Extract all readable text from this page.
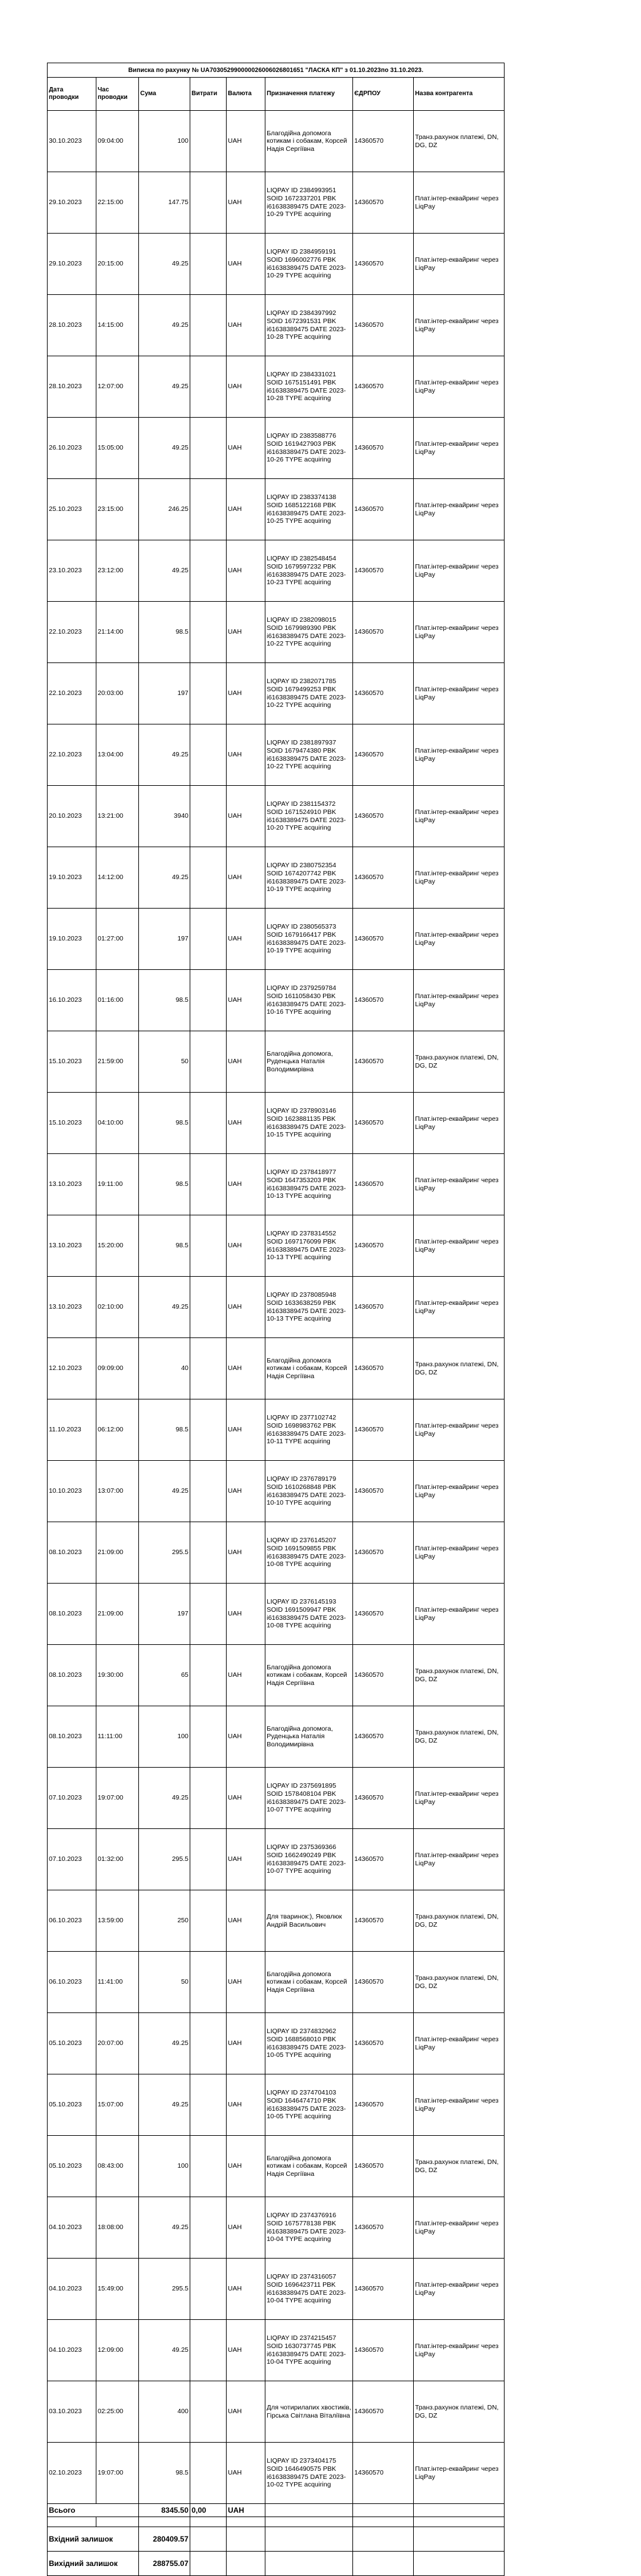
Виписка по рахунку № UA703052990000026006026801651 "ЛАСКА КП" з 01.10.2023по 31.10.2023.							
Дата проводки	Час проводки	Сума	Витрати	Валюта	Призначення платежу	ЄДРПОУ	Назва контрагента
30.10.2023	09:04:00	100		UAH	Благодійна допомога котикам і собакам, Корсей Надія Сергіївна	14360570	Транз.рахунок платежі, DN, DG, DZ
29.10.2023	22:15:00	147.75		UAH	LIQPAY ID 2384993951 SOID 1672337201 PBK i61638389475 DATE 2023-10-29 TYPE acquiring	14360570	Плат.інтер-еквайринг через LiqPay
29.10.2023	20:15:00	49.25		UAH	LIQPAY ID 2384959191 SOID 1696002776 PBK i61638389475 DATE 2023-10-29 TYPE acquiring	14360570	Плат.інтер-еквайринг через LiqPay
28.10.2023	14:15:00	49.25		UAH	LIQPAY ID 2384397992 SOID 1672391531 PBK i61638389475 DATE 2023-10-28 TYPE acquiring	14360570	Плат.інтер-еквайринг через LiqPay
28.10.2023	12:07:00	49.25		UAH	LIQPAY ID 2384331021 SOID 1675151491 PBK i61638389475 DATE 2023-10-28 TYPE acquiring	14360570	Плат.інтер-еквайринг через LiqPay
26.10.2023	15:05:00	49.25		UAH	LIQPAY ID 2383588776 SOID 1619427903 PBK i61638389475 DATE 2023-10-26 TYPE acquiring	14360570	Плат.інтер-еквайринг через LiqPay
25.10.2023	23:15:00	246.25		UAH	LIQPAY ID 2383374138 SOID 1685122168 PBK i61638389475 DATE 2023-10-25 TYPE acquiring	14360570	Плат.інтер-еквайринг через LiqPay
23.10.2023	23:12:00	49.25		UAH	LIQPAY ID 2382548454 SOID 1679597232 PBK i61638389475 DATE 2023-10-23 TYPE acquiring	14360570	Плат.інтер-еквайринг через LiqPay
22.10.2023	21:14:00	98.5		UAH	LIQPAY ID 2382098015 SOID 1679989390 PBK i61638389475 DATE 2023-10-22 TYPE acquiring	14360570	Плат.інтер-еквайринг через LiqPay
22.10.2023	20:03:00	197		UAH	LIQPAY ID 2382071785 SOID 1679499253 PBK i61638389475 DATE 2023-10-22 TYPE acquiring	14360570	Плат.інтер-еквайринг через LiqPay
22.10.2023	13:04:00	49.25		UAH	LIQPAY ID 2381897937 SOID 1679474380 PBK i61638389475 DATE 2023-10-22 TYPE acquiring	14360570	Плат.інтер-еквайринг через LiqPay
20.10.2023	13:21:00	3940		UAH	LIQPAY ID 2381154372 SOID 1671524910 PBK i61638389475 DATE 2023-10-20 TYPE acquiring	14360570	Плат.інтер-еквайринг через LiqPay
19.10.2023	14:12:00	49.25		UAH	LIQPAY ID 2380752354 SOID 1674207742 PBK i61638389475 DATE 2023-10-19 TYPE acquiring	14360570	Плат.інтер-еквайринг через LiqPay
19.10.2023	01:27:00	197		UAH	LIQPAY ID 2380565373 SOID 1679166417 PBK i61638389475 DATE 2023-10-19 TYPE acquiring	14360570	Плат.інтер-еквайринг через LiqPay
16.10.2023	01:16:00	98.5		UAH	LIQPAY ID 2379259784 SOID 1611058430 PBK i61638389475 DATE 2023-10-16 TYPE acquiring	14360570	Плат.інтер-еквайринг через LiqPay
15.10.2023	21:59:00	50		UAH	Благодійна допомога, Руденцька Наталія Володимирівна	14360570	Транз.рахунок платежі, DN, DG, DZ
15.10.2023	04:10:00	98.5		UAH	LIQPAY ID 2378903146 SOID 1623881135 PBK i61638389475 DATE 2023-10-15 TYPE acquiring	14360570	Плат.інтер-еквайринг через LiqPay
13.10.2023	19:11:00	98.5		UAH	LIQPAY ID 2378418977 SOID 1647353203 PBK i61638389475 DATE 2023-10-13 TYPE acquiring	14360570	Плат.інтер-еквайринг через LiqPay
13.10.2023	15:20:00	98.5		UAH	LIQPAY ID 2378314552 SOID 1697176099 PBK i61638389475 DATE 2023-10-13 TYPE acquiring	14360570	Плат.інтер-еквайринг через LiqPay
13.10.2023	02:10:00	49.25		UAH	LIQPAY ID 2378085948 SOID 1633638259 PBK i61638389475 DATE 2023-10-13 TYPE acquiring	14360570	Плат.інтер-еквайринг через LiqPay
12.10.2023	09:09:00	40		UAH	Благодійна допомога котикам і собакам, Корсей Надія Сергіївна	14360570	Транз.рахунок платежі, DN, DG, DZ
11.10.2023	06:12:00	98.5		UAH	LIQPAY ID 2377102742 SOID 1698983762 PBK i61638389475 DATE 2023-10-11 TYPE acquiring	14360570	Плат.інтер-еквайринг через LiqPay
10.10.2023	13:07:00	49.25		UAH	LIQPAY ID 2376789179 SOID 1610268848 PBK i61638389475 DATE 2023-10-10 TYPE acquiring	14360570	Плат.інтер-еквайринг через LiqPay
08.10.2023	21:09:00	295.5		UAH	LIQPAY ID 2376145207 SOID 1691509855 PBK i61638389475 DATE 2023-10-08 TYPE acquiring	14360570	Плат.інтер-еквайринг через LiqPay
08.10.2023	21:09:00	197		UAH	LIQPAY ID 2376145193 SOID 1691509947 PBK i61638389475 DATE 2023-10-08 TYPE acquiring	14360570	Плат.інтер-еквайринг через LiqPay
08.10.2023	19:30:00	65		UAH	Благодійна допомога котикам і собакам, Корсей Надія Сергіївна	14360570	Транз.рахунок платежі, DN, DG, DZ
08.10.2023	11:11:00	100		UAH	Благодійна допомога, Руденцька Наталія Володимирівна	14360570	Транз.рахунок платежі, DN, DG, DZ
07.10.2023	19:07:00	49.25		UAH	LIQPAY ID 2375691895 SOID 1578408104 PBK i61638389475 DATE 2023-10-07 TYPE acquiring	14360570	Плат.інтер-еквайринг через LiqPay
07.10.2023	01:32:00	295.5		UAH	LIQPAY ID 2375369366 SOID 1662490249 PBK i61638389475 DATE 2023-10-07 TYPE acquiring	14360570	Плат.інтер-еквайринг через LiqPay
06.10.2023	13:59:00	250		UAH	Для тваринок:), Яковлюк Андрій Васильович	14360570	Транз.рахунок платежі, DN, DG, DZ
06.10.2023	11:41:00	50		UAH	Благодійна допомога котикам і собакам, Корсей Надія Сергіївна	14360570	Транз.рахунок платежі, DN, DG, DZ
05.10.2023	20:07:00	49.25		UAH	LIQPAY ID 2374832962 SOID 1688568010 PBK i61638389475 DATE 2023-10-05 TYPE acquiring	14360570	Плат.інтер-еквайринг через LiqPay
05.10.2023	15:07:00	49.25		UAH	LIQPAY ID 2374704103 SOID 1646474710 PBK i61638389475 DATE 2023-10-05 TYPE acquiring	14360570	Плат.інтер-еквайринг через LiqPay
05.10.2023	08:43:00	100		UAH	Благодійна допомога котикам і собакам, Корсей Надія Сергіївна	14360570	Транз.рахунок платежі, DN, DG, DZ
04.10.2023	18:08:00	49.25		UAH	LIQPAY ID 2374376916 SOID 1675778138 PBK i61638389475 DATE 2023-10-04 TYPE acquiring	14360570	Плат.інтер-еквайринг через LiqPay
04.10.2023	15:49:00	295.5		UAH	LIQPAY ID 2374316057 SOID 1696423711 PBK i61638389475 DATE 2023-10-04 TYPE acquiring	14360570	Плат.інтер-еквайринг через LiqPay
04.10.2023	12:09:00	49.25		UAH	LIQPAY ID 2374215457 SOID 1630737745 PBK i61638389475 DATE 2023-10-04 TYPE acquiring	14360570	Плат.інтер-еквайринг через LiqPay
03.10.2023	02:25:00	400		UAH	Для чотирилапих хвостиків, Гірська Світлана Віталіївна	14360570	Транз.рахунок платежі, DN, DG, DZ
02.10.2023	19:07:00	98.5		UAH	LIQPAY ID 2373404175 SOID 1646490575 PBK i61638389475 DATE 2023-10-02 TYPE acquiring	14360570	Плат.інтер-еквайринг через LiqPay
Всього		8345.50	0,00	UAH			

Вхідний залишок		280409.57					
Вихідний залишок		288755.07					
